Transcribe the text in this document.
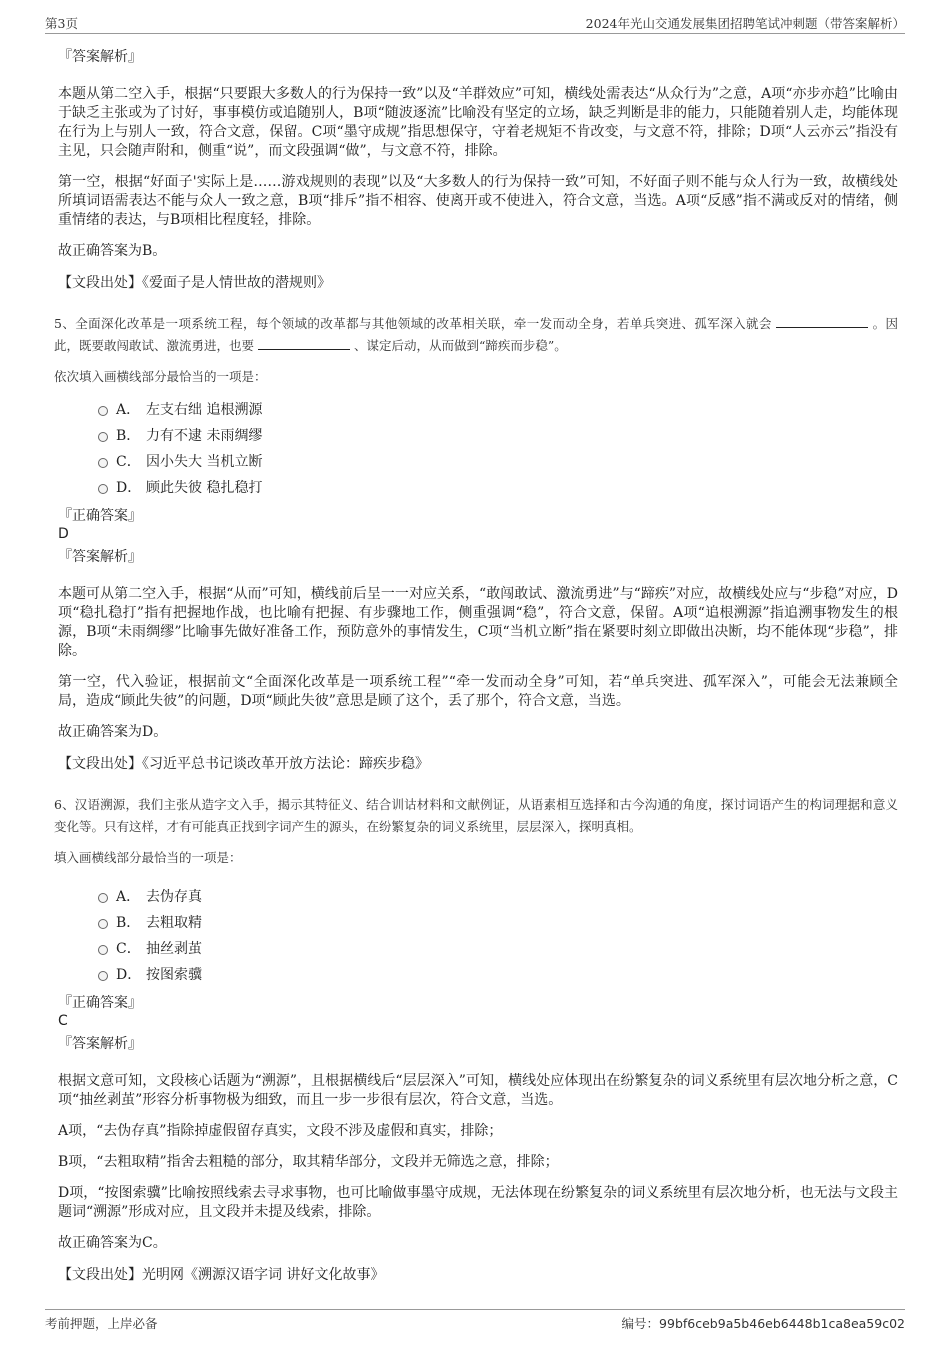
第3页	2024年光山交通发展集团招聘笔试冲刺题（带答案解析）
『答案解析』

本题从第二空入手，根据“只要跟大多数人的行为保持一致”以及“羊群效应”可知，横线处需表达“从众行为”之意，A项“亦步亦趋”比喻由于缺乏主张或为了讨好，事事模仿或追随别人，B项“随波逐流”比喻没有坚定的立场，缺乏判断是非的能力，只能随着别人走，均能体现在行为上与别人一致，符合文意，保留。C项“墨守成规”指思想保守，守着老规矩不肯改变，与文意不符，排除；D项“人云亦云”指没有主见，只会随声附和，侧重“说”，而文段强调“做”，与文意不符，排除。

第一空，根据“好面子'实际上是……游戏规则的表现”以及“大多数人的行为保持一致”可知，不好面子则不能与众人行为一致，故横线处所填词语需表达不能与众人一致之意，B项“排斥”指不相容、使离开或不使进入，符合文意，当选。A项“反感”指不满或反对的情绪，侧重情绪的表达，与B项相比程度轻，排除。

故正确答案为B。

【文段出处】《爱面子是人情世故的潜规则》
5、全面深化改革是一项系统工程，每个领域的改革都与其他领域的改革相关联，牵一发而动全身，若单兵突进、孤军深入就会	。因此，既要敢闯敢试、激流勇进，也要	、谋定后动，从而做到“蹄疾而步稳”。
依次填入画横线部分最恰当的一项是：
A． 左支右绌 追根溯源
B． 力有不逮 未雨绸缪
C． 因小失大 当机立断
D． 顾此失彼 稳扎稳打
『正确答案』
D
『答案解析』

本题可从第二空入手，根据“从而”可知，横线前后呈一一对应关系，“敢闯敢试、激流勇进”与“蹄疾”对应，故横线处应与“步稳”对应，D项“稳扎稳打”指有把握地作战，也比喻有把握、有步骤地工作，侧重强调“稳”，符合文意，保留。A项“追根溯源”指追溯事物发生的根源，B项“未雨绸缪”比喻事先做好准备工作，预防意外的事情发生，C项“当机立断”指在紧要时刻立即做出决断，均不能体现“步稳”，排除。

第一空，代入验证，根据前文“全面深化改革是一项系统工程”“牵一发而动全身”可知，若“单兵突进、孤军深入”，可能会无法兼顾全局，造成“顾此失彼”的问题，D项“顾此失彼”意思是顾了这个，丢了那个，符合文意，当选。

故正确答案为D。

【文段出处】《习近平总书记谈改革开放方法论：蹄疾步稳》
6、汉语溯源，我们主张从造字文入手，揭示其特征义、结合训诂材料和文献例证，从语素相互选择和古今沟通的角度，探讨词语产生的构词理据和意义变化等。只有这样，才有可能真正找到字词产生的源头，在纷繁复杂的词义系统里，层层深入，探明真相。
填入画横线部分最恰当的一项是：
A． 去伪存真
B． 去粗取精
C． 抽丝剥茧
D． 按图索骥
『正确答案』
C
『答案解析』

根据文意可知，文段核心话题为“溯源”，且根据横线后“层层深入”可知，横线处应体现出在纷繁复杂的词义系统里有层次地分析之意，C项“抽丝剥茧”形容分析事物极为细致，而且一步一步很有层次，符合文意，当选。

A项，“去伪存真”指除掉虚假留存真实，文段不涉及虚假和真实，排除；

B项，“去粗取精”指舍去粗糙的部分，取其精华部分，文段并无筛选之意，排除；

D项，“按图索骥”比喻按照线索去寻求事物，也可比喻做事墨守成规，无法体现在纷繁复杂的词义系统里有层次地分析，也无法与文段主题词“溯源”形成对应，且文段并未提及线索，排除。

故正确答案为C。

【文段出处】光明网《溯源汉语字词 讲好文化故事》
考前押题，上岸必备	编号：99bf6ceb9a5b46eb6448b1ca8ea59c02
